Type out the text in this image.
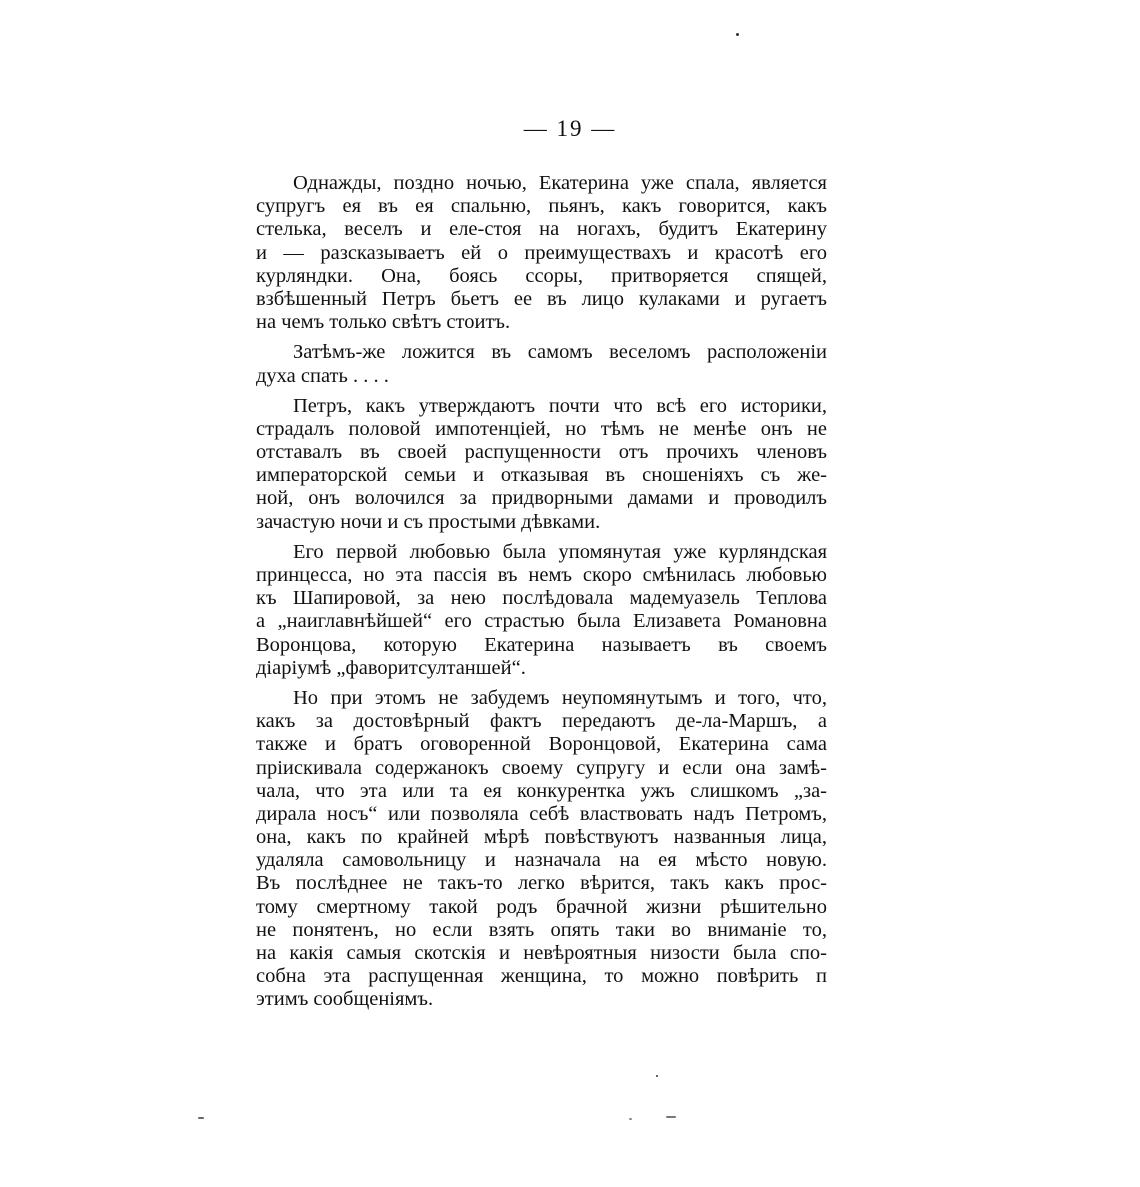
— 19 —

Однажды, поздно ночью, Екатерина уже спала, является
супругъ ея въ ея спальню, пьянъ, какъ говорится, какъ
стелька, веселъ и еле-стоя на ногахъ, будитъ Екатерину
и — разсказываетъ ей о преимуществахъ и красотѣ его
курляндки. Она, боясь ссоры, притворяется спящей,
взбѣшенный Петръ бьетъ ее въ лицо кулаками и ругаетъ
на чемъ только свѣтъ стоитъ.

Затѣмъ-же ложится въ самомъ веселомъ расположеніи
духа спать . . . .

Петръ, какъ утверждаютъ почти что всѣ его историки,
страдалъ половой импотенціей, но тѣмъ не менѣе онъ не
отставалъ въ своей распущенности отъ прочихъ членовъ
императорской семьи и отказывая въ сношеніяхъ съ же-
ной, онъ волочился за придворными дамами и проводилъ
зачастую ночи и съ простыми дѣвками.

Его первой любовью была упомянутая уже курляндская
принцесса, но эта пассія въ немъ скоро смѣнилась любовью
къ Шапировой, за нею послѣдовала мадемуазель Теплова
а „наиглавнѣйшей“ его страстью была Елизавета Романовна
Воронцова, которую Екатерина называетъ въ своемъ
діаріумѣ „фаворитсултаншей“.

Но при этомъ не забудемъ неупомянутымъ и того, что,
какъ за достовѣрный фактъ передаютъ де-ла-Маршъ, а
также и братъ оговоренной Воронцовой, Екатерина сама
пріискивала содержанокъ своему супругу и если она замѣ-
чала, что эта или та ея конкурентка ужъ слишкомъ „за-
дирала носъ“ или позволяла себѣ властвовать надъ Петромъ,
она, какъ по крайней мѣрѣ повѣствуютъ названныя лица,
удаляла самовольницу и назначала на ея мѣсто новую.
Въ послѣднее не такъ-то легко вѣрится, такъ какъ прос-
тому смертному такой родъ брачной жизни рѣшительно
не понятенъ, но если взять опять таки во вниманіе то,
на какія самыя скотскія и невѣроятныя низости была спо-
собна эта распущенная женщина, то можно повѣрить п
этимъ сообщеніямъ.
